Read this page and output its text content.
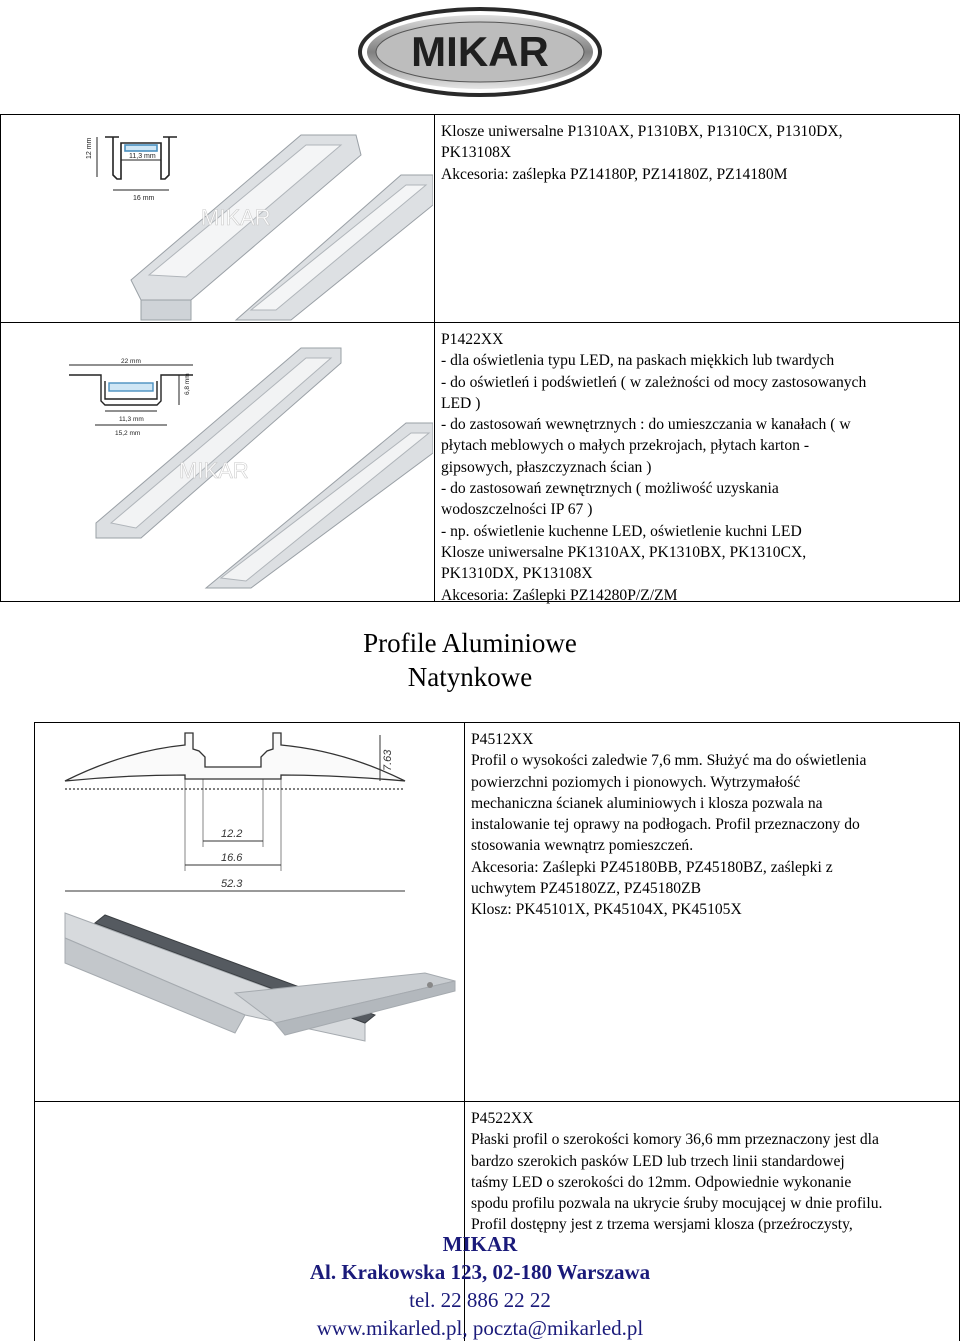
MIKAR
12 mm	11,3 mm
16 mm
MIKAR

Klosze uniwersalne P1310AX, P1310BX, P1310CX, P1310DX,

PK13108X

Akcesoria: zaślepka PZ14180P, PZ14180Z, PZ14180M

22 mm
11,3 mm
15,2 mm
6,8 mm
MIKAR

P1422XX

- dla oświetlenia typu LED, na paskach miękkich lub twardych

- do oświetleń i podświetleń ( w zależności od mocy zastosowanych

LED )

- do zastosowań wewnętrznych : do umieszczania w kanałach ( w

płytach meblowych o małych przekrojach, płytach karton -

gipsowych, płaszczyznach ścian )

- do zastosowań zewnętrznych ( możliwość uzyskania

wodoszczelności IP 67 )

- np. oświetlenie kuchenne LED, oświetlenie kuchni LED

Klosze uniwersalne PK1310AX, PK1310BX, PK1310CX,

PK1310DX, PK13108X

Akcesoria: Zaślepki PZ14280P/Z/ZM

Profile Aluminiowe
Natynkowe
7.63
12.2
16.6
52.3

P4512XX

Profil o wysokości zaledwie 7,6 mm. Służyć ma do oświetlenia

powierzchni poziomych i pionowych. Wytrzymałość

mechaniczna ścianek aluminiowych i klosza pozwala na

instalowanie tej oprawy na podłogach. Profil przeznaczony do

stosowania wewnątrz pomieszczeń.

Akcesoria: Zaślepki PZ45180BB, PZ45180BZ, zaślepki z

uchwytem PZ45180ZZ, PZ45180ZB

Klosz: PK45101X, PK45104X, PK45105X

P4522XX

Płaski profil o szerokości komory 36,6 mm przeznaczony jest dla

bardzo szerokich pasków LED lub trzech linii standardowej

taśmy LED o szerokości do 12mm. Odpowiednie wykonanie

spodu profilu pozwala na ukrycie śruby mocującej w dnie profilu.

Profil dostępny jest z trzema wersjami klosza (przeźroczysty,

MIKAR
Al. Krakowska 123, 02-180 Warszawa
tel. 22 886 22 22
www.mikarled.pl, poczta@mikarled.pl
